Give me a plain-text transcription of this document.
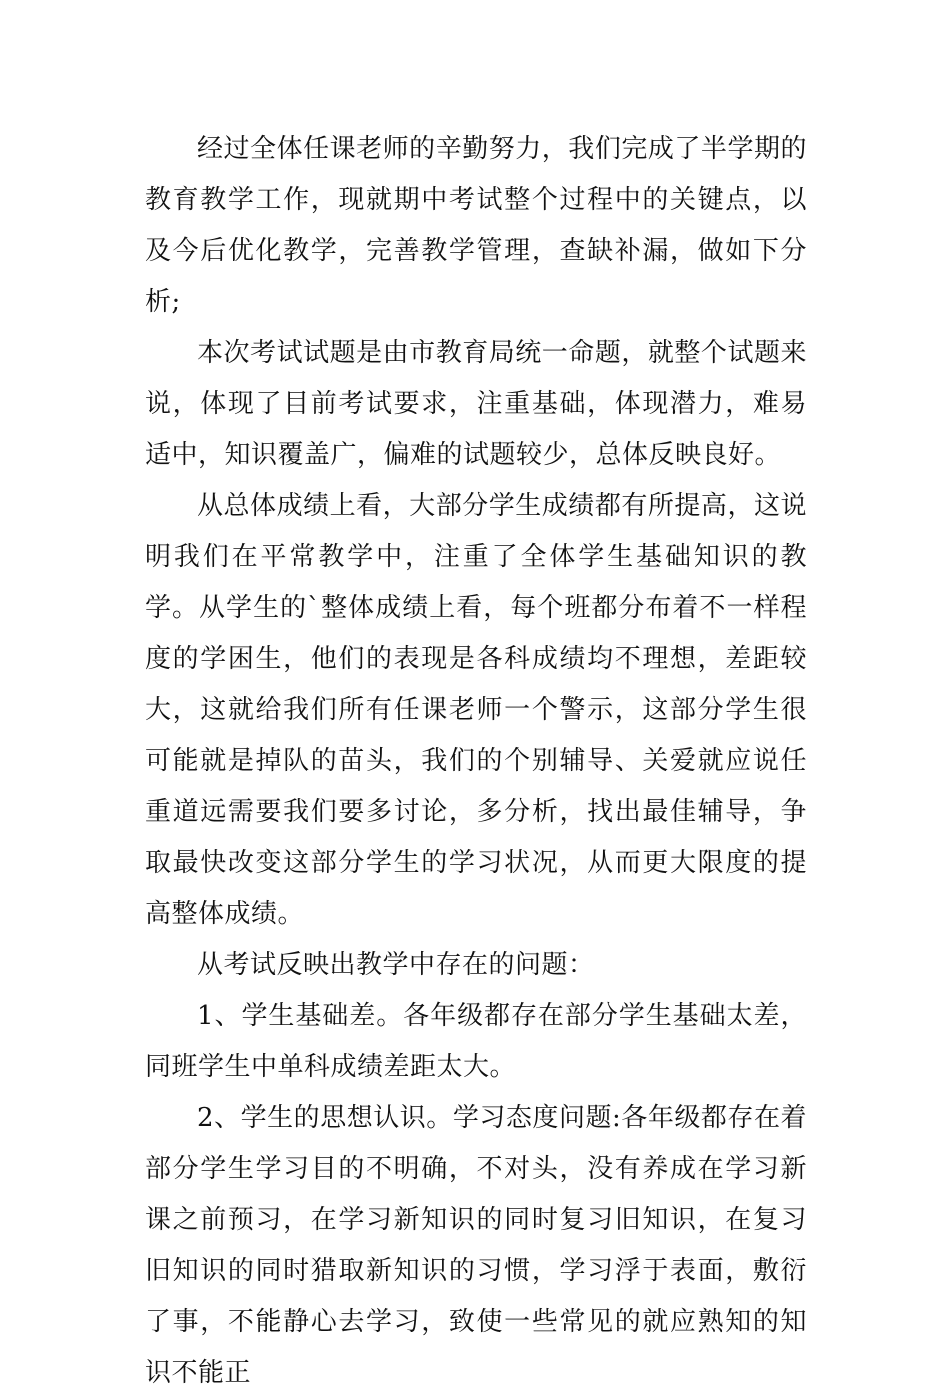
经过全体任课老师的辛勤努力，我们完成了半学期的教育教学工作，现就期中考试整个过程中的关键点，以及今后优化教学，完善教学管理，查缺补漏，做如下分析;

本次考试试题是由市教育局统一命题，就整个试题来说，体现了目前考试要求，注重基础，体现潜力，难易适中，知识覆盖广，偏难的试题较少，总体反映良好。

从总体成绩上看，大部分学生成绩都有所提高，这说明我们在平常教学中，注重了全体学生基础知识的教学。从学生的`整体成绩上看，每个班都分布着不一样程度的学困生，他们的表现是各科成绩均不理想，差距较大，这就给我们所有任课老师一个警示，这部分学生很可能就是掉队的苗头，我们的个别辅导、关爱就应说任重道远需要我们要多讨论，多分析，找出最佳辅导，争取最快改变这部分学生的学习状况，从而更大限度的提高整体成绩。

从考试反映出教学中存在的问题：

1、学生基础差。各年级都存在部分学生基础太差，同班学生中单科成绩差距太大。

2、学生的思想认识。学习态度问题:各年级都存在着部分学生学习目的不明确，不对头，没有养成在学习新课之前预习，在学习新知识的同时复习旧知识，在复习旧知识的同时猎取新知识的习惯，学习浮于表面，敷衍了事，不能静心去学习，致使一些常见的就应熟知的知识不能正
